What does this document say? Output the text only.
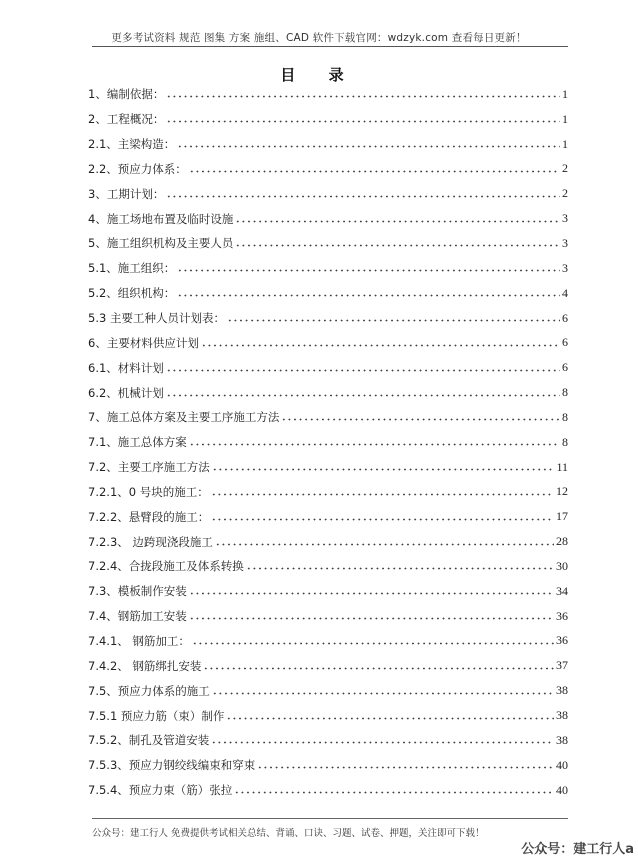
更多考试资料 规范 图集 方案 施组、CAD 软件下载官网：wdzyk.com 查看每日更新！
目 录
1、编制依据：	1
2、工程概况：	1
2.1、主梁构造：	1
2.2、预应力体系：	2
3、工期计划：	2
4、施工场地布置及临时设施	3
5、施工组织机构及主要人员	3
5.1、施工组织：	3
5.2、组织机构：	4
5.3 主要工种人员计划表：	6
6、主要材料供应计划	6
6.1、材料计划	6
6.2、机械计划	8
7、施工总体方案及主要工序施工方法	8
7.1、施工总体方案	8
7.2、主要工序施工方法	11
7.2.1、0 号块的施工：	12
7.2.2、悬臂段的施工：	17
7.2.3、 边跨现浇段施工	28
7.2.4、合拢段施工及体系转换	30
7.3、模板制作安装	34
7.4、钢筋加工安装	36
7.4.1、 钢筋加工：	36
7.4.2、 钢筋绑扎安装	37
7.5、预应力体系的施工	38
7.5.1 预应力筋（束）制作	38
7.5.2、制孔及管道安装	38
7.5.3、预应力钢绞线编束和穿束	40
7.5.4、预应力束（筋）张拉	40
公众号：建工行人 免费提供考试相关总结、背诵、口诀、习题、试卷、押题，关注即可下载！
公众号：建工行人a
